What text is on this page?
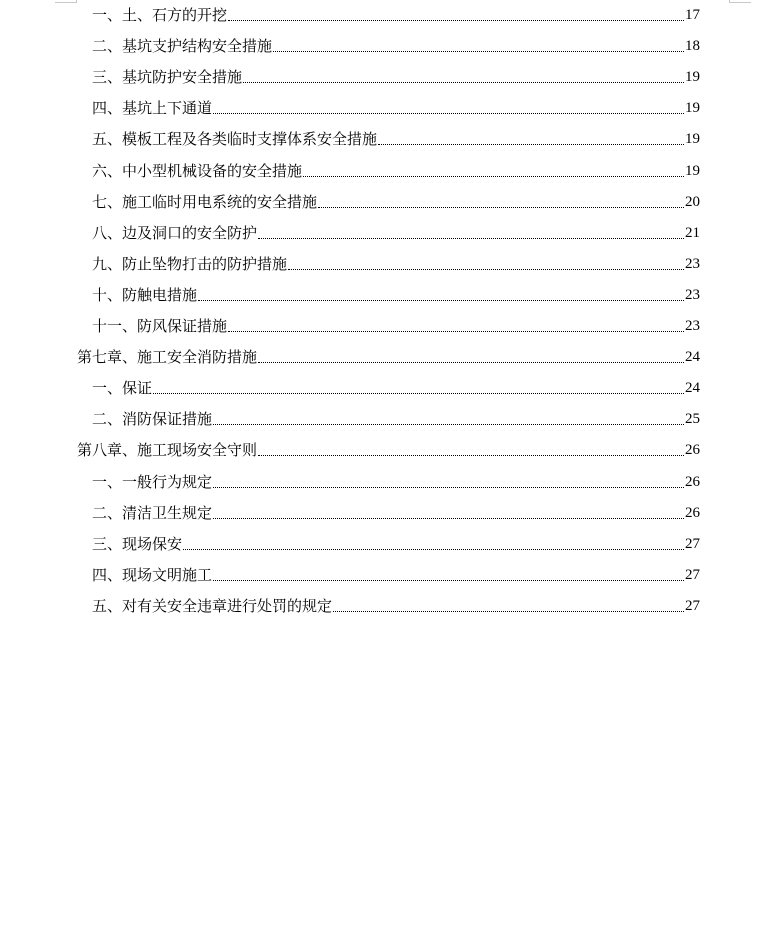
一、土、石方的开挖	17
二、基坑支护结构安全措施	18
三、基坑防护安全措施	19
四、基坑上下通道	19
五、模板工程及各类临时支撑体系安全措施	19
六、中小型机械设备的安全措施	19
七、施工临时用电系统的安全措施	20
八、边及洞口的安全防护	21
九、防止坠物打击的防护措施	23
十、防触电措施	23
十一、防风保证措施	23
第七章、施工安全消防措施	24
一、保证	24
二、消防保证措施	25
第八章、施工现场安全守则	26
一、一般行为规定	26
二、清洁卫生规定	26
三、现场保安	27
四、现场文明施工	27
五、对有关安全违章进行处罚的规定	27
